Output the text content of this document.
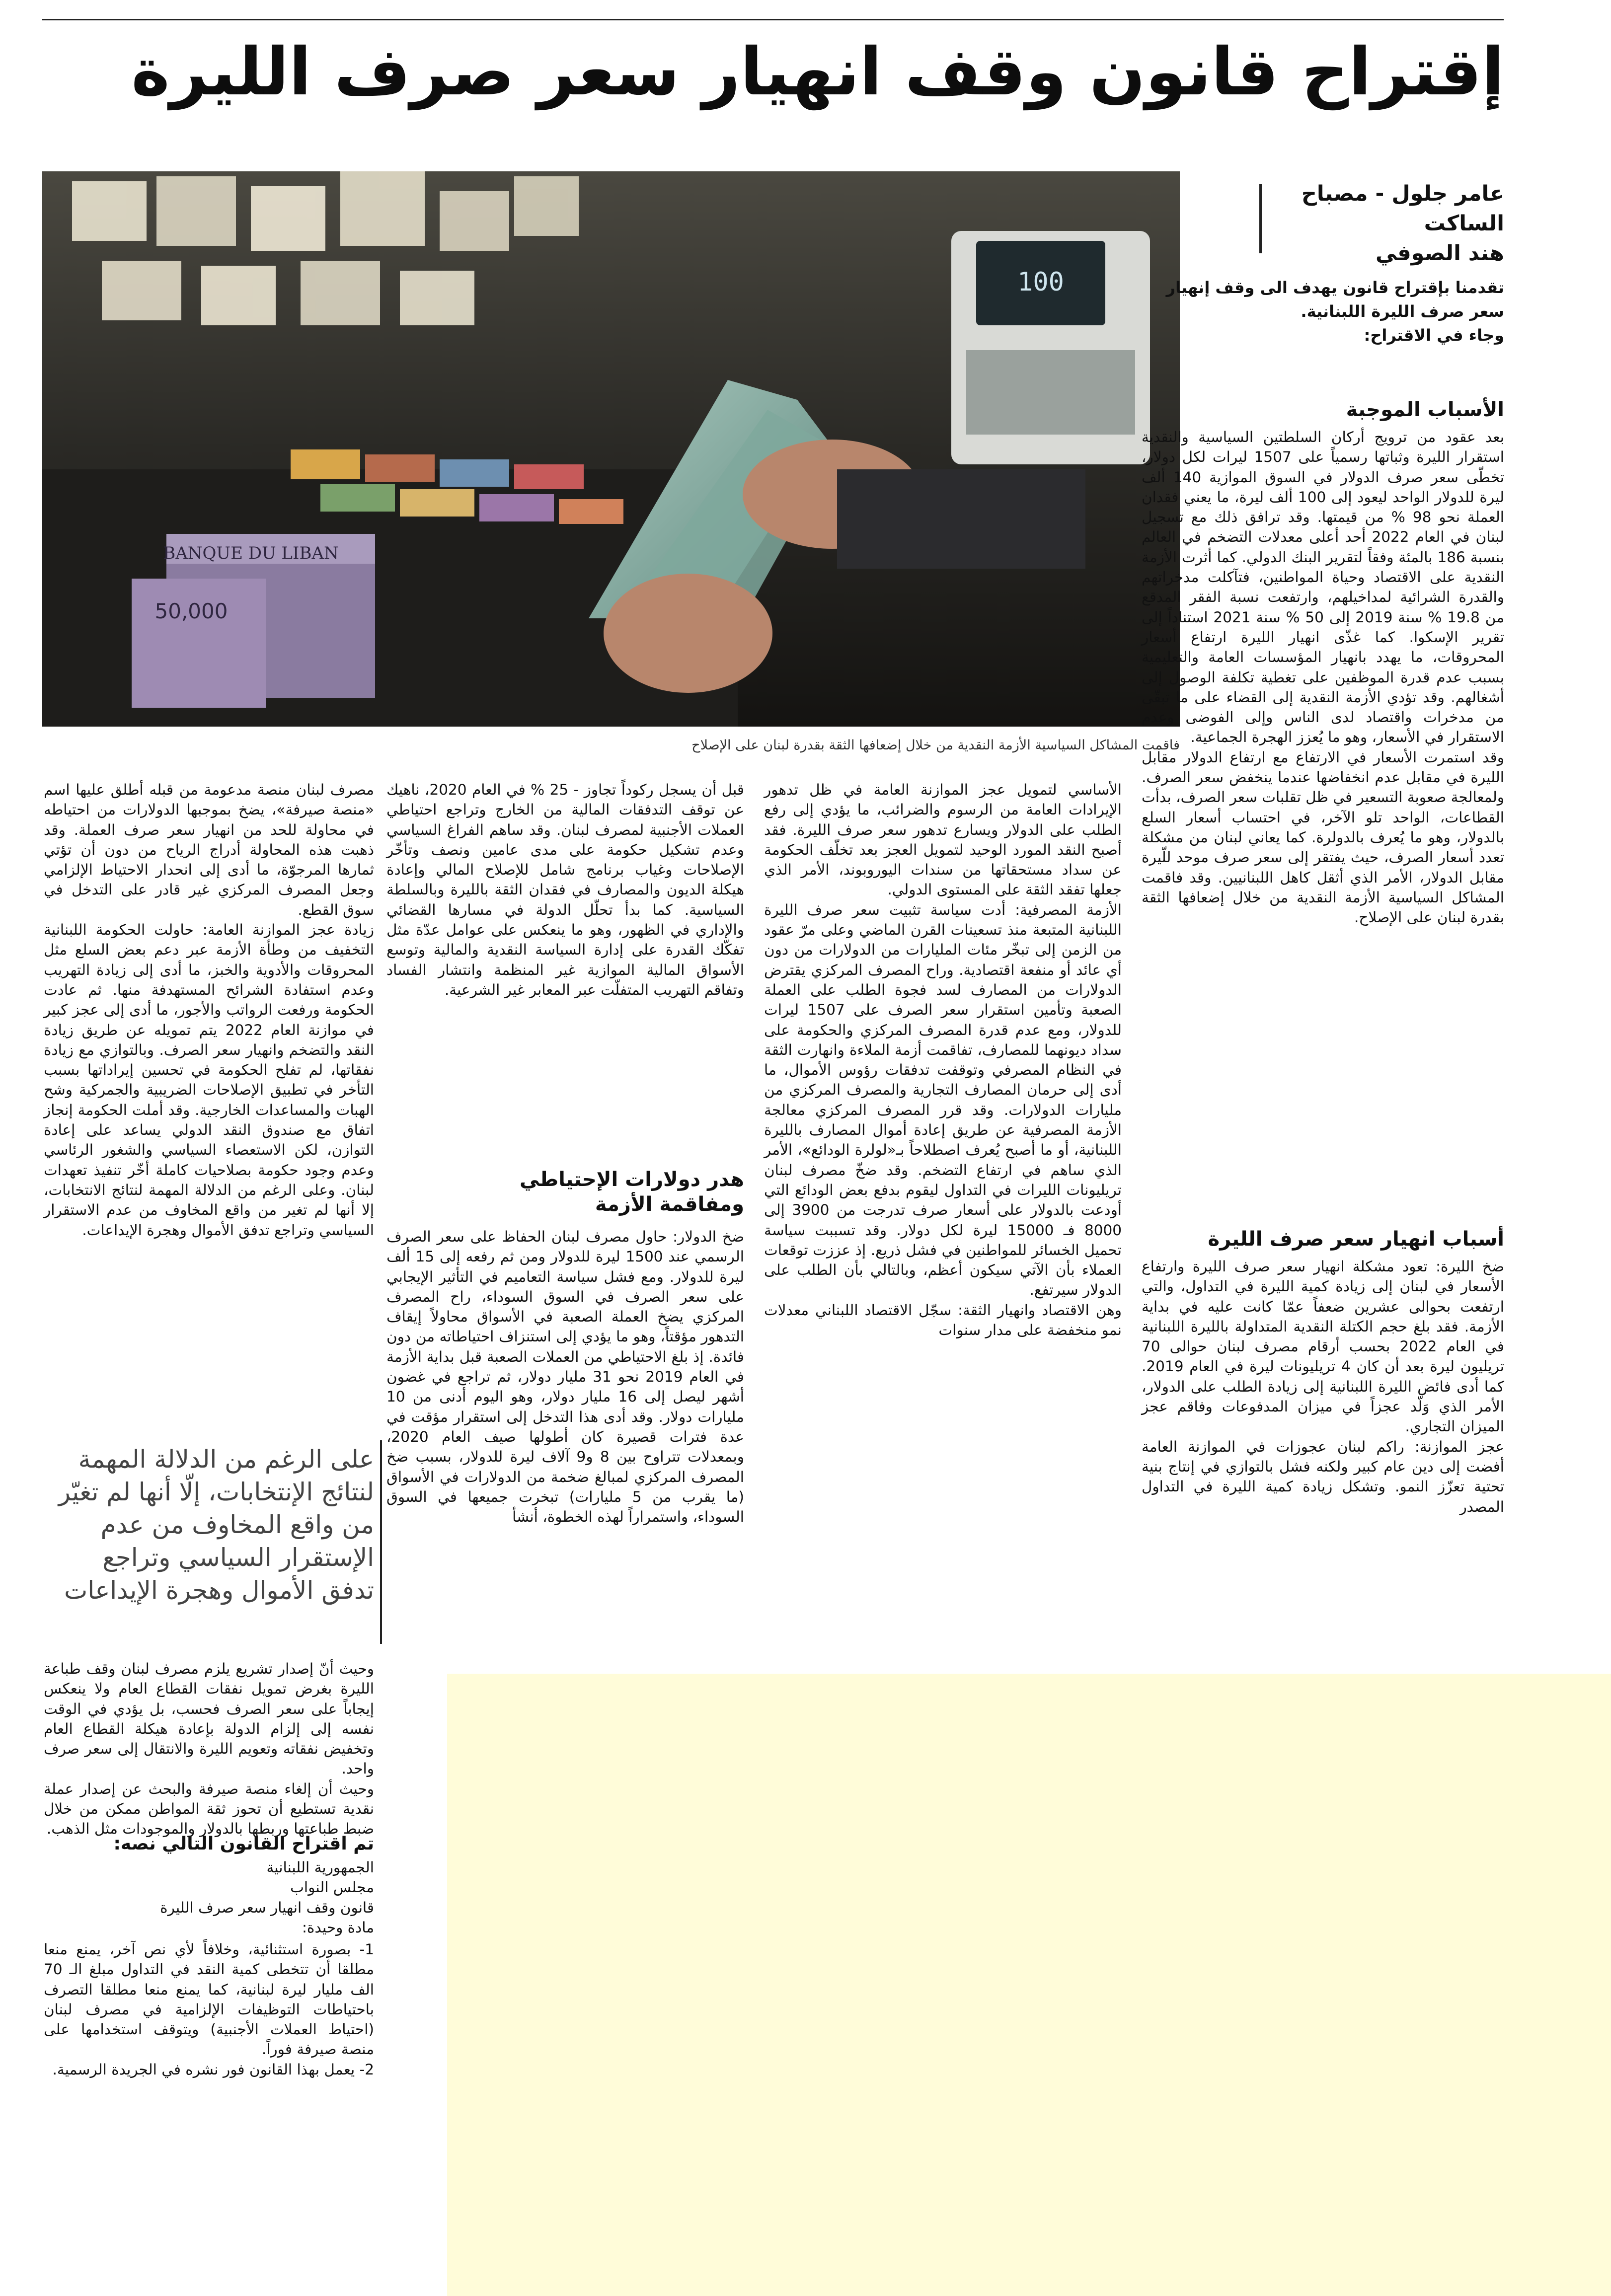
إقتراح قانون وقف انهيار سعر صرف الليرة
BANQUE DU LIBAN
50,000
100
فاقمت المشاكل السياسية الأزمة النقدية من خلال إضعافها الثقة بقدرة لبنان على الإصلاح
عامر جلول - مصباح الساكت
هند الصوفي
تقدمنا بإقتراح قانون يهدف الى وقف إنهيار سعر صرف الليرة اللبنانية.
وجاء في الاقتراح:
الأسباب الموجبة
بعد عقود من ترويج أركان السلطتين السياسية والنقدية استقرار الليرة وثباتها رسمياً على 1507 ليرات لكل دولار، تخطّى سعر صرف الدولار في السوق الموازية 140 ألف ليرة للدولار الواحد ليعود إلى 100 ألف ليرة، ما يعني فقدان العملة نحو 98 % من قيمتها. وقد ترافق ذلك مع تسجيل لبنان في العام 2022 أحد أعلى معدلات التضخم في العالم بنسبة 186 بالمئة وفقاً لتقرير البنك الدولي. كما أثرت الأزمة النقدية على الاقتصاد وحياة المواطنين، فتآكلت مدخراتهم والقدرة الشرائية لمداخيلهم، وارتفعت نسبة الفقر المدقع من 19.8 % سنة 2019 إلى 50 % سنة 2021 استناداً إلى تقرير الإسكوا. كما غذّى انهيار الليرة ارتفاع أسعار المحروقات، ما يهدد بانهيار المؤسسات العامة والتعليمية بسبب عدم قدرة الموظفين على تغطية تكلفة الوصول إلى أشغالهم. وقد تؤدي الأزمة النقدية إلى القضاء على ما تبقّى من مدخرات واقتصاد لدى الناس وإلى الفوضى وعدم الاستقرار في الأسعار، وهو ما يُعزز الهجرة الجماعية.
وقد استمرت الأسعار في الارتفاع مع ارتفاع الدولار مقابل الليرة في مقابل عدم انخفاضها عندما ينخفض سعر الصرف. ولمعالجة صعوبة التسعير في ظل تقلبات سعر الصرف، بدأت القطاعات، الواحد تلو الآخر، في احتساب أسعار السلع بالدولار، وهو ما يُعرف بالدولرة. كما يعاني لبنان من مشكلة تعدد أسعار الصرف، حيث يفتقر إلى سعر صرف موحد للّيرة مقابل الدولار، الأمر الذي أثقل كاهل اللبنانيين. وقد فاقمت المشاكل السياسية الأزمة النقدية من خلال إضعافها الثقة بقدرة لبنان على الإصلاح.
أسباب انهيار سعر صرف الليرة
ضخ الليرة: تعود مشكلة انهيار سعر صرف الليرة وارتفاع الأسعار في لبنان إلى زيادة كمية الليرة في التداول، والتي ارتفعت بحوالى عشرين ضعفاً عمّا كانت عليه في بداية الأزمة. فقد بلغ حجم الكتلة النقدية المتداولة بالليرة اللبنانية في العام 2022 بحسب أرقام مصرف لبنان حوالى 70 تريليون ليرة بعد أن كان 4 تريليونات ليرة في العام 2019. كما أدى فائض الليرة اللبنانية إلى زيادة الطلب على الدولار، الأمر الذي وَلّد عجزاً في ميزان المدفوعات وفاقم عجز الميزان التجاري.
عجز الموازنة: راكم لبنان عجوزات في الموازنة العامة أفضت إلى دين عام كبير ولكنه فشل بالتوازي في إنتاج بنية تحتية تعزّز النمو. وتشكل زيادة كمية الليرة في التداول المصدر
الأساسي لتمويل عجز الموازنة العامة في ظل تدهور الإيرادات العامة من الرسوم والضرائب، ما يؤدي إلى رفع الطلب على الدولار ويسارع تدهور سعر صرف الليرة. فقد أصبح النقد المورد الوحيد لتمويل العجز بعد تخلّف الحكومة عن سداد مستحقاتها من سندات اليوروبوند، الأمر الذي جعلها تفقد الثقة على المستوى الدولي.
الأزمة المصرفية: أدت سياسة تثبيت سعر صرف الليرة اللبنانية المتبعة منذ تسعينات القرن الماضي وعلى مرّ عقود من الزمن إلى تبخّر مئات المليارات من الدولارات من دون أي عائد أو منفعة اقتصادية. وراح المصرف المركزي يقترض الدولارات من المصارف لسد فجوة الطلب على العملة الصعبة وتأمين استقرار سعر الصرف على 1507 ليرات للدولار، ومع عدم قدرة المصرف المركزي والحكومة على سداد ديونهما للمصارف، تفاقمت أزمة الملاءة وانهارت الثقة في النظام المصرفي وتوقفت تدفقات رؤوس الأموال، ما أدى إلى حرمان المصارف التجارية والمصرف المركزي من مليارات الدولارات. وقد قرر المصرف المركزي معالجة الأزمة المصرفية عن طريق إعادة أموال المصارف بالليرة اللبنانية، أو ما أصبح يُعرف اصطلاحاً بـ«لولرة الودائع»، الأمر الذي ساهم في ارتفاع التضخم. وقد ضخّ مصرف لبنان تريليونات الليرات في التداول ليقوم بدفع بعض الودائع التي أودعت بالدولار على أسعار صرف تدرجت من 3900 إلى 8000 فـ 15000 ليرة لكل دولار. وقد تسببت سياسة تحميل الخسائر للمواطنين في فشل ذريع. إذ عززت توقعات العملاء بأن الآتي سيكون أعظم، وبالتالي بأن الطلب على الدولار سيرتفع.
وهن الاقتصاد وانهيار الثقة: سجّل الاقتصاد اللبناني معدلات نمو منخفضة على مدار سنوات
قبل أن يسجل ركوداً تجاوز - 25 % في العام 2020، ناهيك عن توقف التدفقات المالية من الخارج وتراجع احتياطي العملات الأجنبية لمصرف لبنان. وقد ساهم الفراغ السياسي وعدم تشكيل حكومة على مدى عامين ونصف وتأخّر الإصلاحات وغياب برنامج شامل للإصلاح المالي وإعادة هيكلة الديون والمصارف في فقدان الثقة بالليرة وبالسلطة السياسية. كما بدأ تحلّل الدولة في مسارها القضائي والإداري في الظهور، وهو ما ينعكس على عوامل عدّة مثل تفكّك القدرة على إدارة السياسة النقدية والمالية وتوسع الأسواق المالية الموازية غير المنظمة وانتشار الفساد وتفاقم التهريب المتفلّت عبر المعابر غير الشرعية.
هدر دولارات الإحتياطي
ومفاقمة الأزمة
ضخ الدولار: حاول مصرف لبنان الحفاظ على سعر الصرف الرسمي عند 1500 ليرة للدولار ومن ثم رفعه إلى 15 ألف ليرة للدولار. ومع فشل سياسة التعاميم في التأثير الإيجابي على سعر الصرف في السوق السوداء، راح المصرف المركزي يضخ العملة الصعبة في الأسواق محاولاً إيقاف التدهور مؤقتاً، وهو ما يؤدي إلى استنزاف احتياطاته من دون فائدة. إذ بلغ الاحتياطي من العملات الصعبة قبل بداية الأزمة في العام 2019 نحو 31 مليار دولار، ثم تراجع في غضون أشهر ليصل إلى 16 مليار دولار، وهو اليوم أدنى من 10 مليارات دولار. وقد أدى هذا التدخل إلى استقرار مؤقت في عدة فترات قصيرة كان أطولها صيف العام 2020، وبمعدلات تتراوح بين 8 و9 آلاف ليرة للدولار، بسبب ضخ المصرف المركزي لمبالغ ضخمة من الدولارات في الأسواق (ما يقرب من 5 مليارات) تبخرت جميعها في السوق السوداء، واستمراراً لهذه الخطوة، أنشأ
مصرف لبنان منصة مدعومة من قبله أطلق عليها اسم «منصة صيرفة»، يضخ بموجبها الدولارات من احتياطه في محاولة للحد من انهيار سعر صرف العملة. وقد ذهبت هذه المحاولة أدراج الرياح من دون أن تؤتي ثمارها المرجوّة، ما أدى إلى انحدار الاحتياط الإلزامي وجعل المصرف المركزي غير قادر على التدخل في سوق القطع.
زيادة عجز الموازنة العامة: حاولت الحكومة اللبنانية التخفيف من وطأة الأزمة عبر دعم بعض السلع مثل المحروقات والأدوية والخبز، ما أدى إلى زيادة التهريب وعدم استفادة الشرائح المستهدفة منها. ثم عادت الحكومة ورفعت الرواتب والأجور، ما أدى إلى عجز كبير في موازنة العام 2022 يتم تمويله عن طريق زيادة النقد والتضخم وانهيار سعر الصرف. وبالتوازي مع زيادة نفقاتها، لم تفلح الحكومة في تحسين إيراداتها بسبب التأخر في تطبيق الإصلاحات الضريبية والجمركية وشح الهبات والمساعدات الخارجية. وقد أملت الحكومة إنجاز اتفاق مع صندوق النقد الدولي يساعد على إعادة التوازن، لكن الاستعصاء السياسي والشغور الرئاسي وعدم وجود حكومة بصلاحيات كاملة أخّر تنفيذ تعهدات لبنان. وعلى الرغم من الدلالة المهمة لنتائج الانتخابات، إلا أنها لم تغير من واقع المخاوف من عدم الاستقرار السياسي وتراجع تدفق الأموال وهجرة الإيداعات.
على الرغم من الدلالة المهمة لنتائج الإنتخابات، إلّا أنها لم تغيّر من واقع المخاوف من عدم الإستقرار السياسي وتراجع تدفق الأموال وهجرة الإيداعات
وحيث أنّ إصدار تشريع يلزم مصرف لبنان وقف طباعة الليرة بغرض تمويل نفقات القطاع العام ولا ينعكس إيجاباً على سعر الصرف فحسب، بل يؤدي في الوقت نفسه إلى إلزام الدولة بإعادة هيكلة القطاع العام وتخفيض نفقاته وتعويم الليرة والانتقال إلى سعر صرف واحد.
وحيث أن إلغاء منصة صيرفة والبحث عن إصدار عملة نقدية تستطيع أن تحوز ثقة المواطن ممكن من خلال ضبط طباعتها وربطها بالدولار والموجودات مثل الذهب.
تم اقتراح القانون التالي نصه:
الجمهورية اللبنانية
مجلس النواب
قانون وقف انهيار سعر صرف الليرة
مادة وحيدة:
1- بصورة استثنائية، وخلافاً لأي نص آخر، يمنع منعا مطلقا أن تتخطى كمية النقد في التداول مبلغ الـ 70 الف مليار ليرة لبنانية، كما يمنع منعا مطلقا التصرف باحتياطات التوظيفات الإلزامية في مصرف لبنان (احتياط العملات الأجنبية) ويتوقف استخدامها على منصة صيرفة فوراً.
2- يعمل بهذا القانون فور نشره في الجريدة الرسمية.
